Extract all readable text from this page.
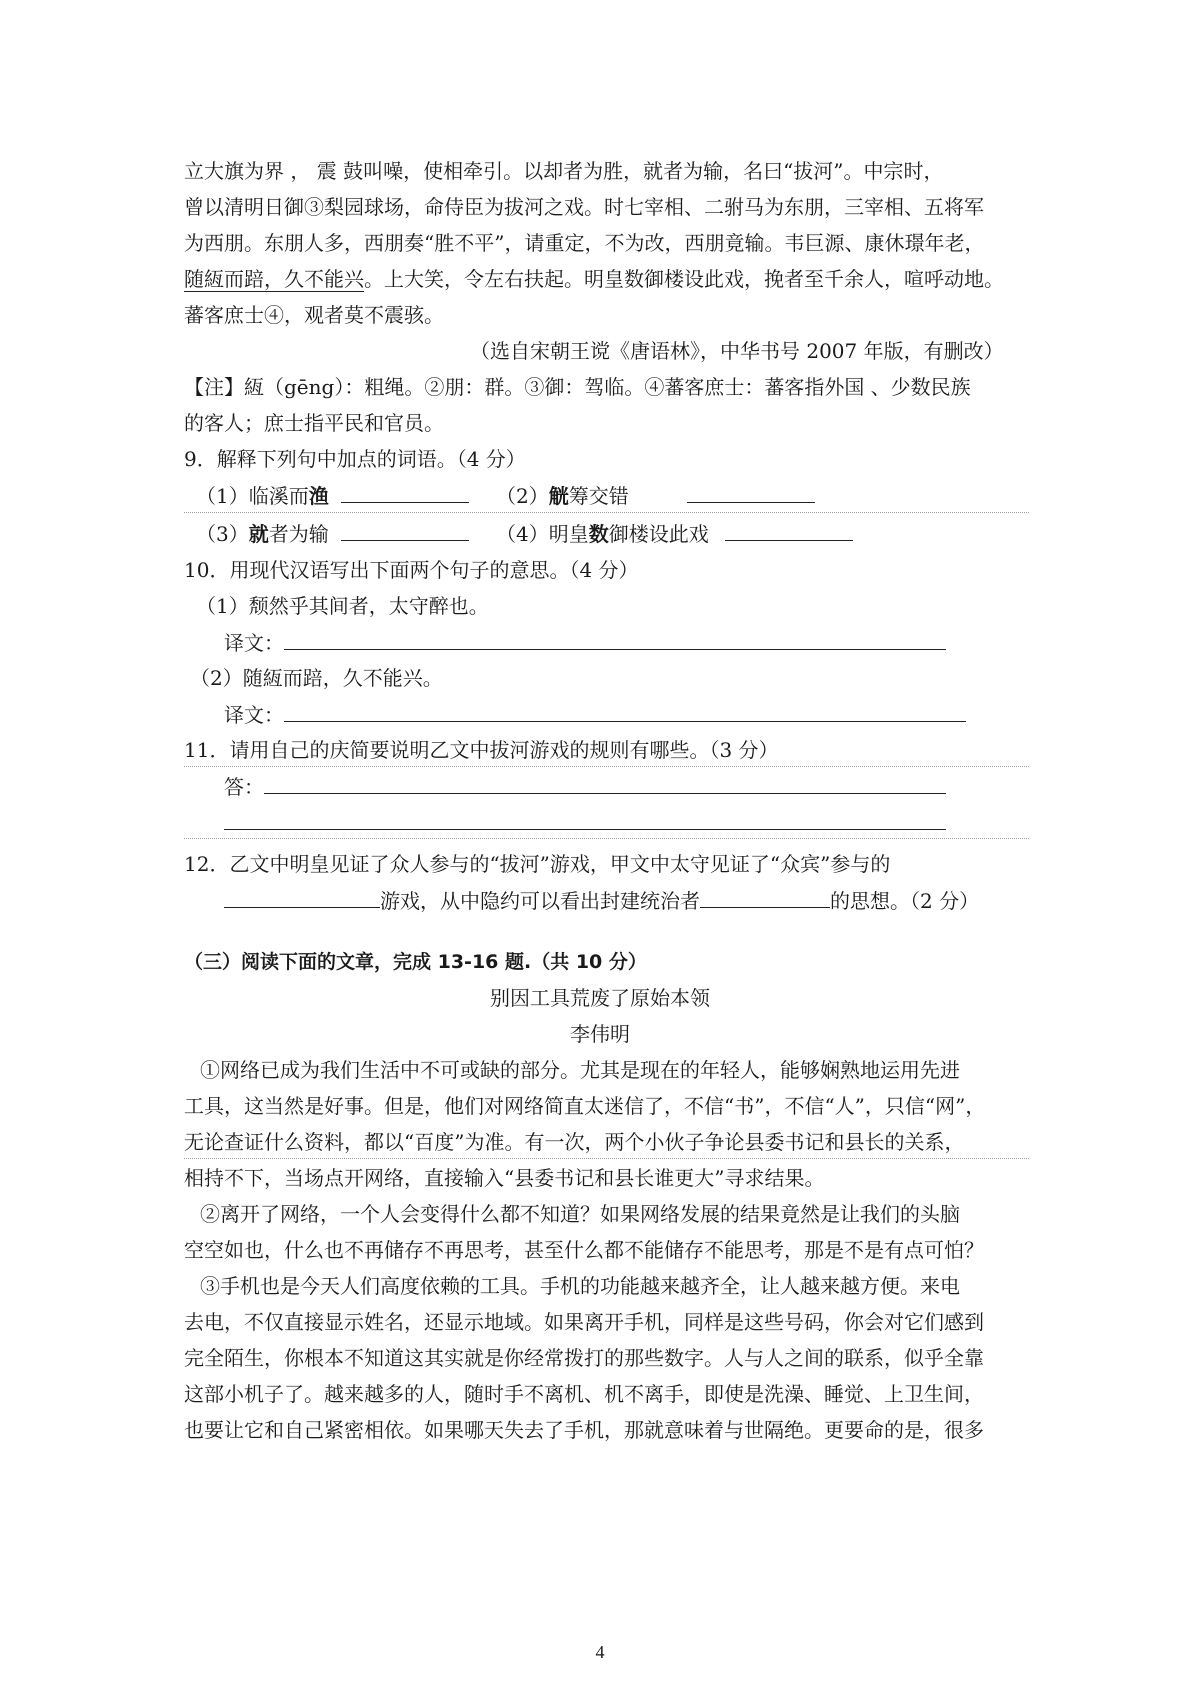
立大旗为界 ， 震 鼓叫噪，使相牵引。以却者为胜，就者为输，名曰“拔河”。中宗时，
曾以清明日御③梨园球场，命侍臣为拔河之戏。时七宰相、二驸马为东朋，三宰相、五将军
为西朋。东朋人多，西朋奏“胜不平”，请重定，不为改，西朋竟输。韦巨源、康休璟年老，
随絚而踣，久不能兴。上大笑，令左右扶起。明皇数御楼设此戏，挽者至千余人，喧呼动地。
蕃客庶士④，观者莫不震骇。
（选自宋朝王谠《唐语林》，中华书号 2007 年版，有删改）
【注】絚（gēng）：粗绳。②朋：群。③御：驾临。④蕃客庶士：蕃客指外国 、少数民族
的客人；庶士指平民和官员。
9．解释下列句中加点的词语。（4 分）
（1）临溪而渔	（2）觥筹交错
（3）就者为输	（4）明皇数御楼设此戏
10．用现代汉语写出下面两个句子的意思。（4 分）
（1）颓然乎其间者，太守醉也。
译文：
（2）随絚而踣，久不能兴。
译文：
11．请用自己的庆简要说明乙文中拔河游戏的规则有哪些。（3 分）
答：
12．乙文中明皇见证了众人参与的“拔河”游戏，甲文中太守见证了“众宾”参与的
游戏，从中隐约可以看出封建统治者	的思想。（2 分）
（三）阅读下面的文章，完成 13-16 题.（共 10 分）
别因工具荒废了原始本领
李伟明
①网络已成为我们生活中不可或缺的部分。尤其是现在的年轻人，能够娴熟地运用先进
工具，这当然是好事。但是，他们对网络简直太迷信了，不信“书”，不信“人”，只信“网”，
无论查证什么资料，都以“百度”为准。有一次，两个小伙子争论县委书记和县长的关系，
相持不下，当场点开网络，直接输入“县委书记和县长谁更大”寻求结果。
②离开了网络，一个人会变得什么都不知道？如果网络发展的结果竟然是让我们的头脑
空空如也，什么也不再储存不再思考，甚至什么都不能储存不能思考，那是不是有点可怕？
③手机也是今天人们高度依赖的工具。手机的功能越来越齐全，让人越来越方便。来电
去电，不仅直接显示姓名，还显示地域。如果离开手机，同样是这些号码，你会对它们感到
完全陌生，你根本不知道这其实就是你经常拨打的那些数字。人与人之间的联系，似乎全靠
这部小机子了。越来越多的人，随时手不离机、机不离手，即使是洗澡、睡觉、上卫生间，
也要让它和自己紧密相依。如果哪天失去了手机，那就意味着与世隔绝。更要命的是，很多
4
